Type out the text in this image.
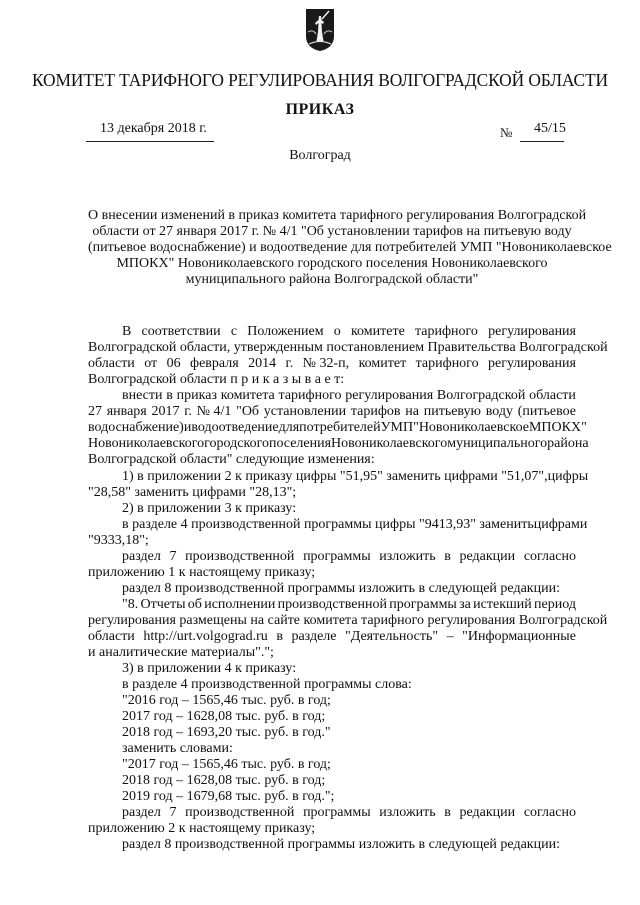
КОМИТЕТ ТАРИФНОГО РЕГУЛИРОВАНИЯ ВОЛГОГРАДСКОЙ ОБЛАСТИ
ПРИКАЗ
13 декабря 2018 г.	№ 45/15
Волгоград
О внесении изменений в приказ комитета тарифного регулирования Волгоградской
области от 27 января 2017 г. № 4/1 "Об установлении тарифов на питьевую воду
(питьевое водоснабжение) и водоотведение для потребителей УМП "Новониколаевское
МПОКХ" Новониколаевского городского поселения Новониколаевского
муниципального района Волгоградской области"
В соответствии с Положением о комитете тарифного регулирования
Волгоградской области, утвержденным постановлением Правительства Волгоградской
области от 06 февраля 2014 г. № 32-п, комитет тарифного регулирования
Волгоградской области п р и к а з ы в а е т:
внести в приказ комитета тарифного регулирования Волгоградской области
27 января 2017 г. № 4/1 "Об установлении тарифов на питьевую воду (питьевое
водоснабжение) и водоотведение для потребителей УМП "Новониколаевское МПОКХ"
Новониколаевского городского поселения Новониколаевского муниципального района
Волгоградской области" следующие изменения:
1) в приложении 2 к приказу цифры "51,95" заменить цифрами "51,07", цифры
"28,58" заменить цифрами "28,13";
2) в приложении 3 к приказу:
в разделе 4 производственной программы цифры "9413,93" заменить цифрами
"9333,18";
раздел 7 производственной программы изложить в редакции согласно
приложению 1 к настоящему приказу;
раздел 8 производственной программы изложить в следующей редакции:
"8. Отчеты об исполнении производственной программы за истекший период
регулирования размещены на сайте комитета тарифного регулирования Волгоградской
области http://urt.volgograd.ru в разделе "Деятельность" – "Информационные
и аналитические материалы".";
3) в приложении 4 к приказу:
в разделе 4 производственной программы слова:
"2016 год – 1565,46 тыс. руб. в год;
2017 год – 1628,08 тыс. руб. в год;
2018 год – 1693,20 тыс. руб. в год."
заменить словами:
"2017 год – 1565,46 тыс. руб. в год;
2018 год – 1628,08 тыс. руб. в год;
2019 год – 1679,68 тыс. руб. в год.";
раздел 7 производственной программы изложить в редакции согласно
приложению 2 к настоящему приказу;
раздел 8 производственной программы изложить в следующей редакции:
